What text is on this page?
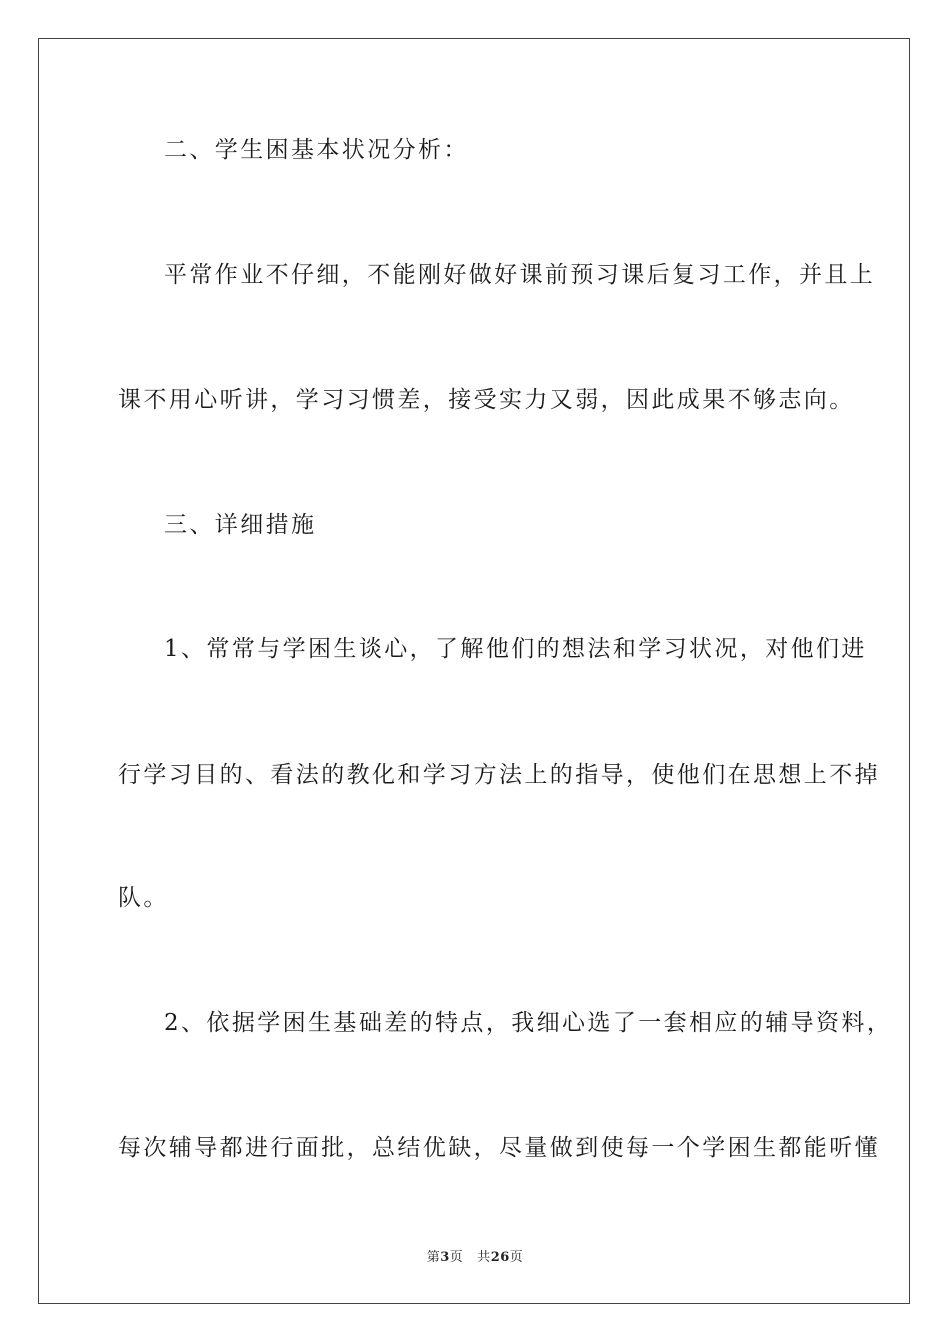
二、学生困基本状况分析：
平常作业不仔细，不能刚好做好课前预习课后复习工作，并且上
课不用心听讲，学习习惯差，接受实力又弱，因此成果不够志向。
三、详细措施
1、常常与学困生谈心，了解他们的想法和学习状况，对他们进
行学习目的、看法的教化和学习方法上的指导，使他们在思想上不掉
队。
2、依据学困生基础差的特点，我细心选了一套相应的辅导资料，
每次辅导都进行面批，总结优缺，尽量做到使每一个学困生都能听懂
第3页 共26页
